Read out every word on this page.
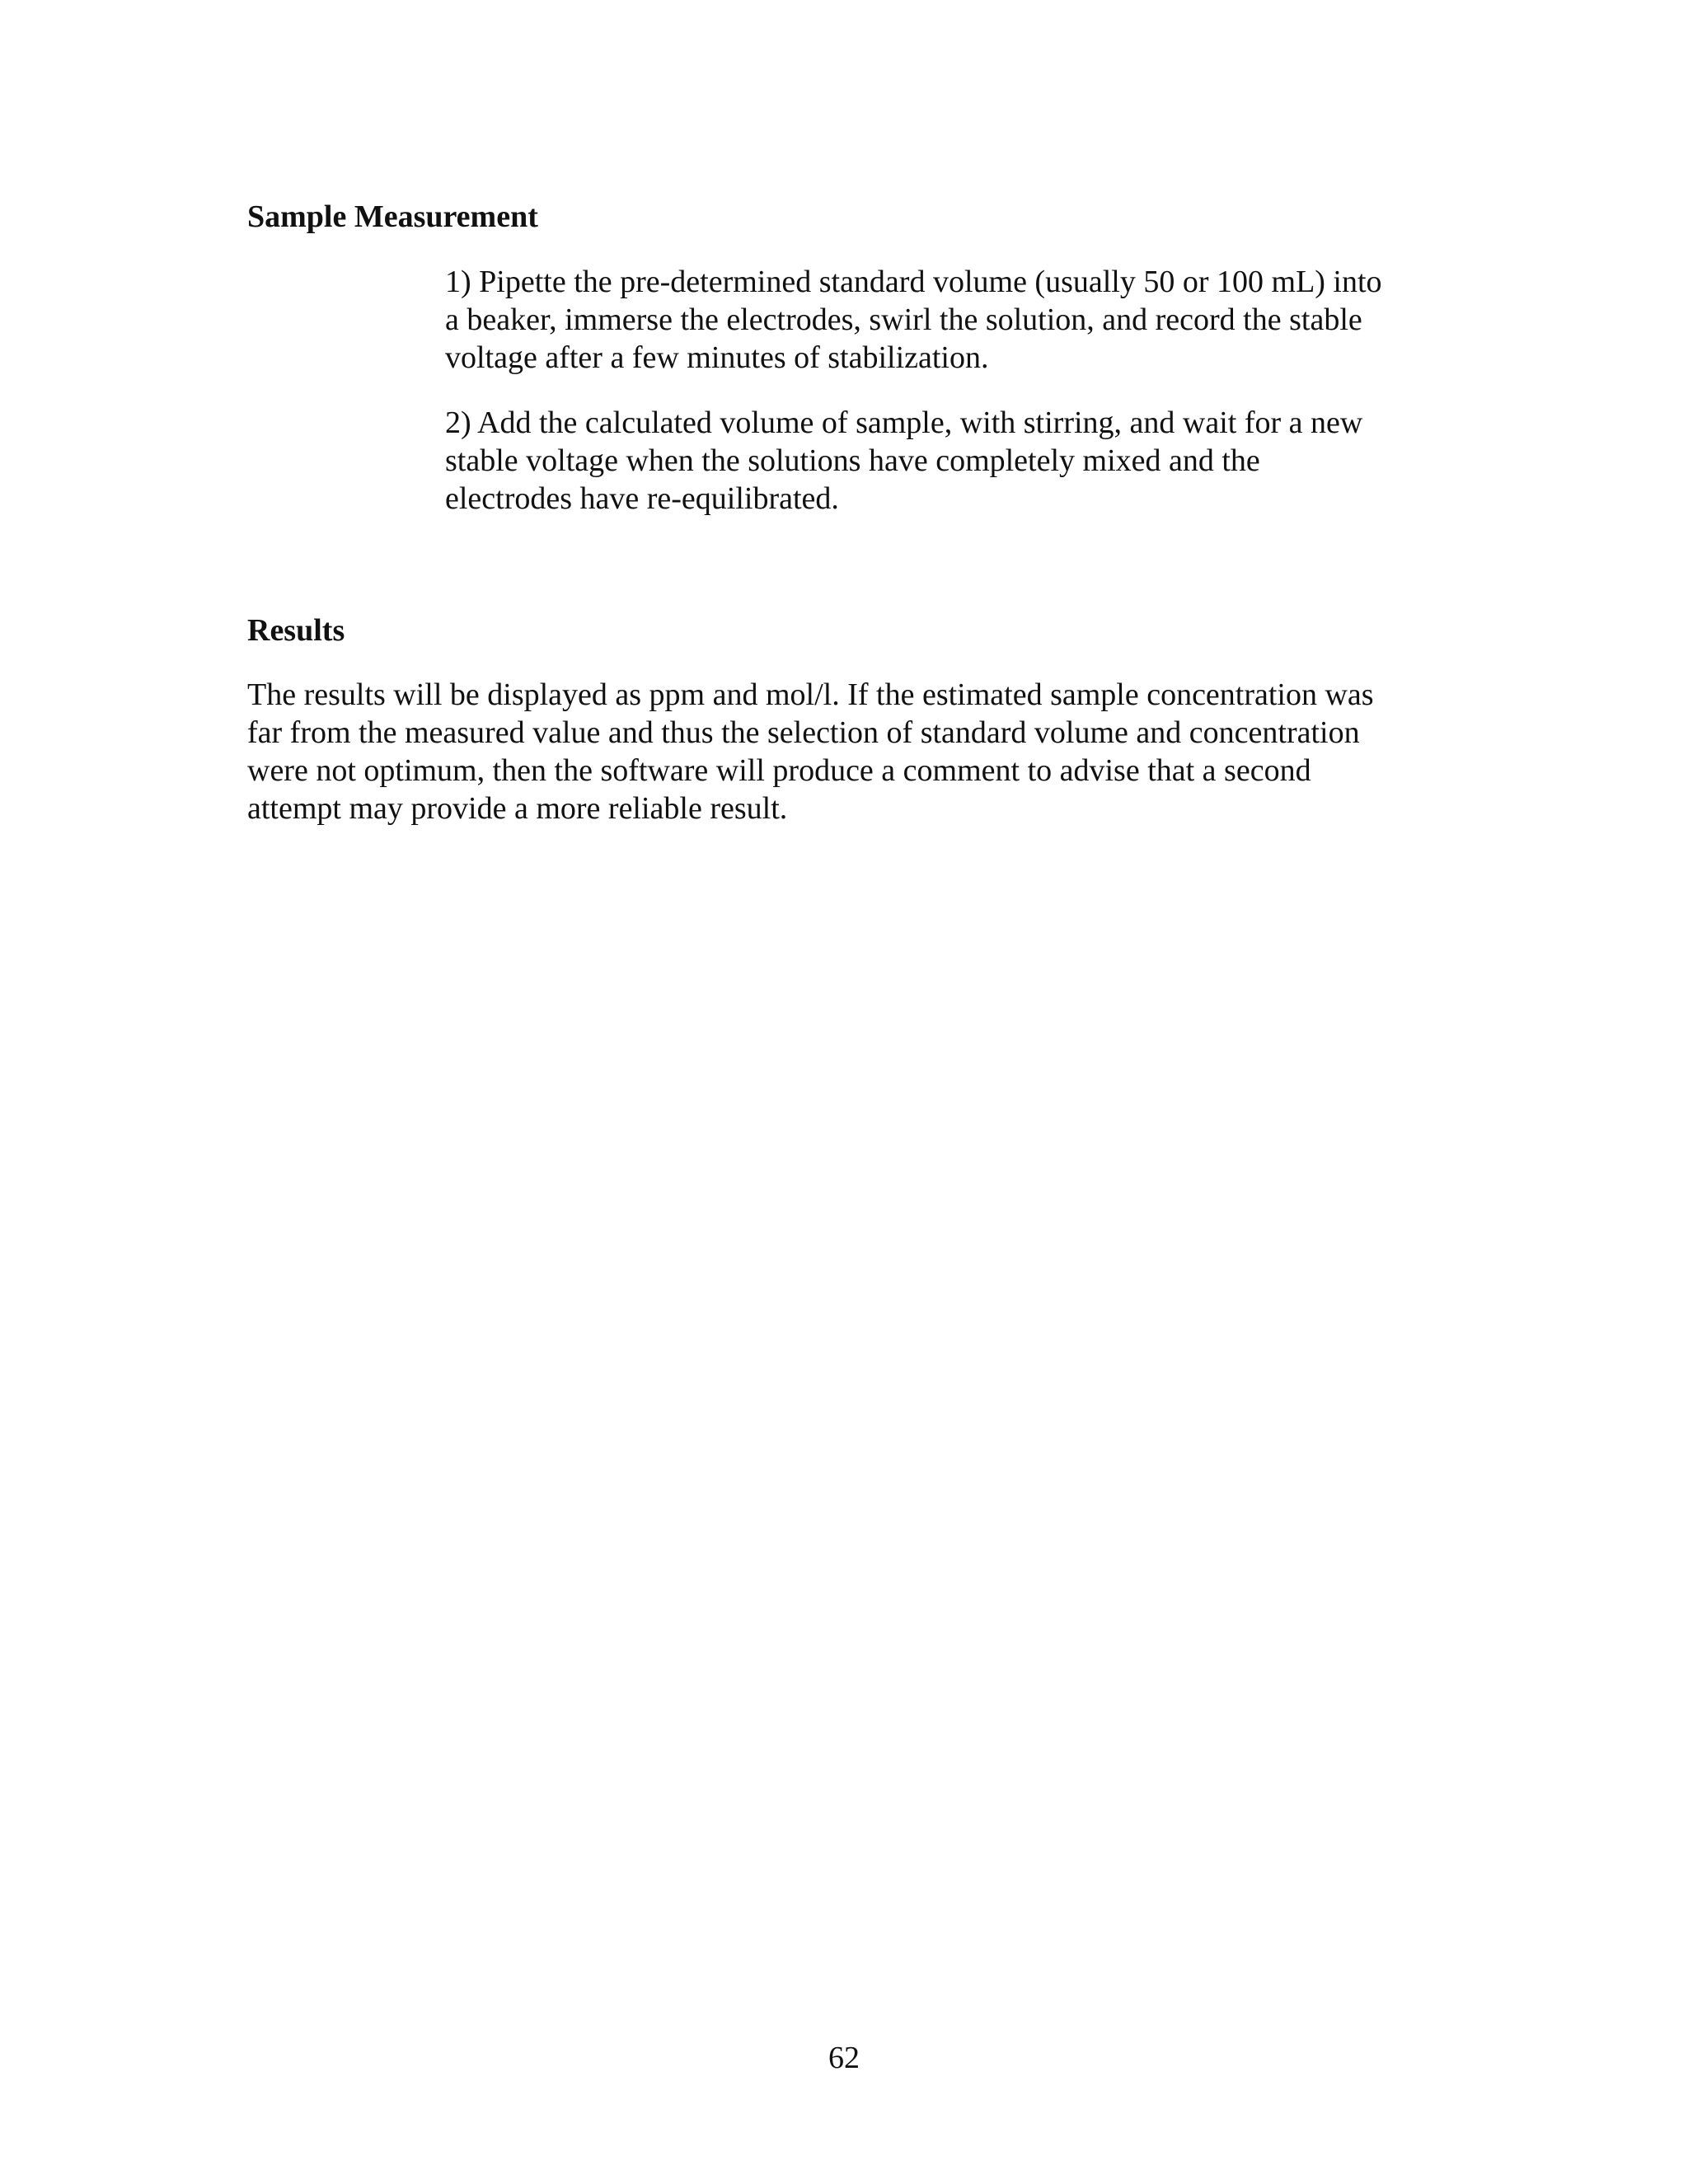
Sample Measurement

1) Pipette the pre-determined standard volume (usually 50 or 100 mL) into
a beaker, immerse the electrodes, swirl the solution, and record the stable
voltage after a few minutes of stabilization.

2) Add the calculated volume of sample, with stirring, and wait for a new
stable voltage when the solutions have completely mixed and the
electrodes have re-equilibrated.

Results

The results will be displayed as ppm and mol/l. If the estimated sample concentration was
far from the measured value and thus the selection of standard volume and concentration
were not optimum, then the software will produce a comment to advise that a second
attempt may provide a more reliable result.

62
